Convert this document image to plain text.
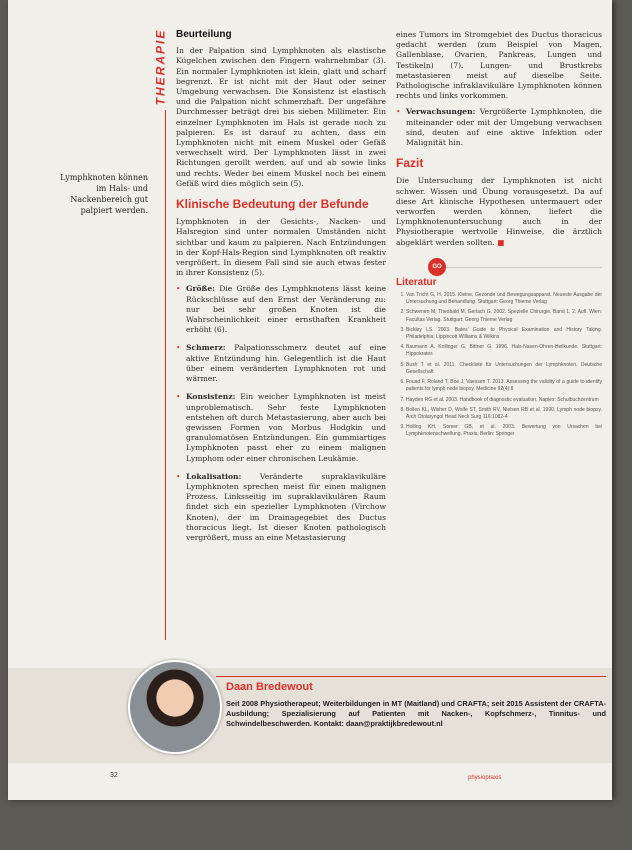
THERAPIE
Lymphknoten können im Hals- und Nackenbereich gut palpiert werden.
Beurteilung

In der Palpation sind Lymphknoten als elastische Kügelchen zwischen den Fingern wahrnehmbar (3). Ein normaler Lymphknoten ist klein, glatt und scharf begrenzt. Er ist nicht mit der Haut oder seiner Umgebung verwachsen. Die Konsistenz ist elastisch und die Palpation nicht schmerzhaft. Der ungefähre Durchmesser beträgt drei bis sieben Millimeter. Ein einzelner Lymphknoten im Hals ist gerade noch zu palpieren. Es ist darauf zu achten, dass ein Lymphknoten nicht mit einem Muskel oder Gefäß verwechselt wird. Der Lymphknoten lässt in zwei Richtungen gerollt werden, auf und ab sowie links und rechts. Weder bei einem Muskel noch bei einem Gefäß wird dies möglich sein (5).

Klinische Bedeutung der Befunde

Lymphknoten in der Gesichts-, Nacken- und Halsregion sind unter normalen Umständen nicht sichtbar und kaum zu palpieren. Nach Entzündungen in der Kopf-Hals-Region sind Lymphknoten oft reaktiv vergrößert. In diesem Fall sind sie auch etwas fester in ihrer Konsistenz (5).

• Größe: Die Größe des Lymphknotens lässt keine Rückschlüsse auf den Ernst der Veränderung zu: nur bei sehr großen Knoten ist die Wahrscheinlichkeit einer ernsthaften Krankheit erhöht (6).
• Schmerz: Palpationsschmerz deutet auf eine aktive Entzündung hin. Gelegentlich ist die Haut über einem veränderten Lymphknoten rot und wärmer.
• Konsistenz: Ein weicher Lymphknoten ist meist unproblematisch. Sehr feste Lymphknoten entstehen oft durch Metastasierung, aber auch bei gewissen Formen von Morbus Hodgkin und granulomatösen Entzündungen. Ein gummiartiges Lymphknoten passt eher zu einem malignen Lymphom oder einer chronischen Leukämie.
• Lokalisation: Veränderte supraklavikuläre Lymphknoten sprechen meist für einen malignen Prozess. Linksseitig im supraklavikulären Raum findet sich ein spezieller Lymphknoten (Virchow Knoten), der im Drainagegebiet des Ductus thoracicus liegt. Ist dieser Knoten pathologisch vergrößert, muss an eine Metastasierung

eines Tumors im Stromgebiet des Ductus thoracicus gedacht werden (zum Beispiel von Magen, Gallenblase, Ovarien, Pankreas, Lungen und Testikeln) (7). Lungen- und Brustkrebs metastasieren meist auf dieselbe Seite. Pathologische infraklavikuläre Lymphknoten können rechts und links vorkommen.

• Verwachsungen: Vergrößerte Lymphknoten, die miteinander oder mit der Umgebung verwachsen sind, deuten auf eine aktive Infektion oder Malignität hin.
Fazit

Die Untersuchung der Lymphknoten ist nicht schwer. Wissen und Übung vorausgesetzt. Da auf diese Art klinische Hypothesen untermauert oder verworfen werden können, liefert die Lymphknotenuntersuchung auch in der Physiotherapie wertvolle Hinweise, die ärztlich abgeklärt werden sollten. ■

GO
Literatur
1. Van Tricht G, H. 2015. Kleine, Gezonde und Bewegungsapparat. Neueste Ausgabe der Untersuchung und Behandlung. Stuttgart: Georg Thieme Verlag
2. Schwenen M, Theobald M, Gerlach G. 2002. Spezielle Chirurgie. Band 1. 2. Aufl. Wien: Facultas Verlag. Stuttgart: Georg Thieme Verlag
3. Bickley LS. 2003. Bates' Guide to Physical Examination and History Taking. Philadelphia: Lippincott Williams & Wilkins
4. Baumann A, Kollinger G, Bittner G. 1996. Hals-Nasen-Ohren-Heilkunde. Stuttgart: Hippokrates
5. Bush T et al. 2011. Checkliste für Untersuchungen der Lymphknoten. Deutsche Gesellschaft
6. Fouad F, Roland T, Boe J, Vaessen T. 2013. Assessing the validity of a guide to identify patients for lymph node biopsy. Medicine 92(4):8
7. Hayden RG et al. 2003. Handbook of diagnostic evaluation. Naples: Schulbuchzentrum
8. Bollen KL, Wisher D, Wolfe ST, Smith RV, Nielsen RB et al. 1990. Lymph node biopsy. Arch Otolaryngol Head Neck Surg 116:1082-4
9. Holling KH, Somer GB, et al. 2003. Bewertung von Ursachen bei Lymphknotenschwellung. Praxis, Berlin: Springer
Daan Bredewout
Seit 2008 Physiotherapeut; Weiterbildungen in MT (Maitland) und CRAFTA; seit 2015 Assistent der CRAFTA-Ausbildung; Spezialisierung auf Patienten mit Nacken-, Kopfschmerz-, Tinnitus- und Schwindelbeschwerden. Kontakt: daan@praktijkbredewout.nl
32	physiopraxis
